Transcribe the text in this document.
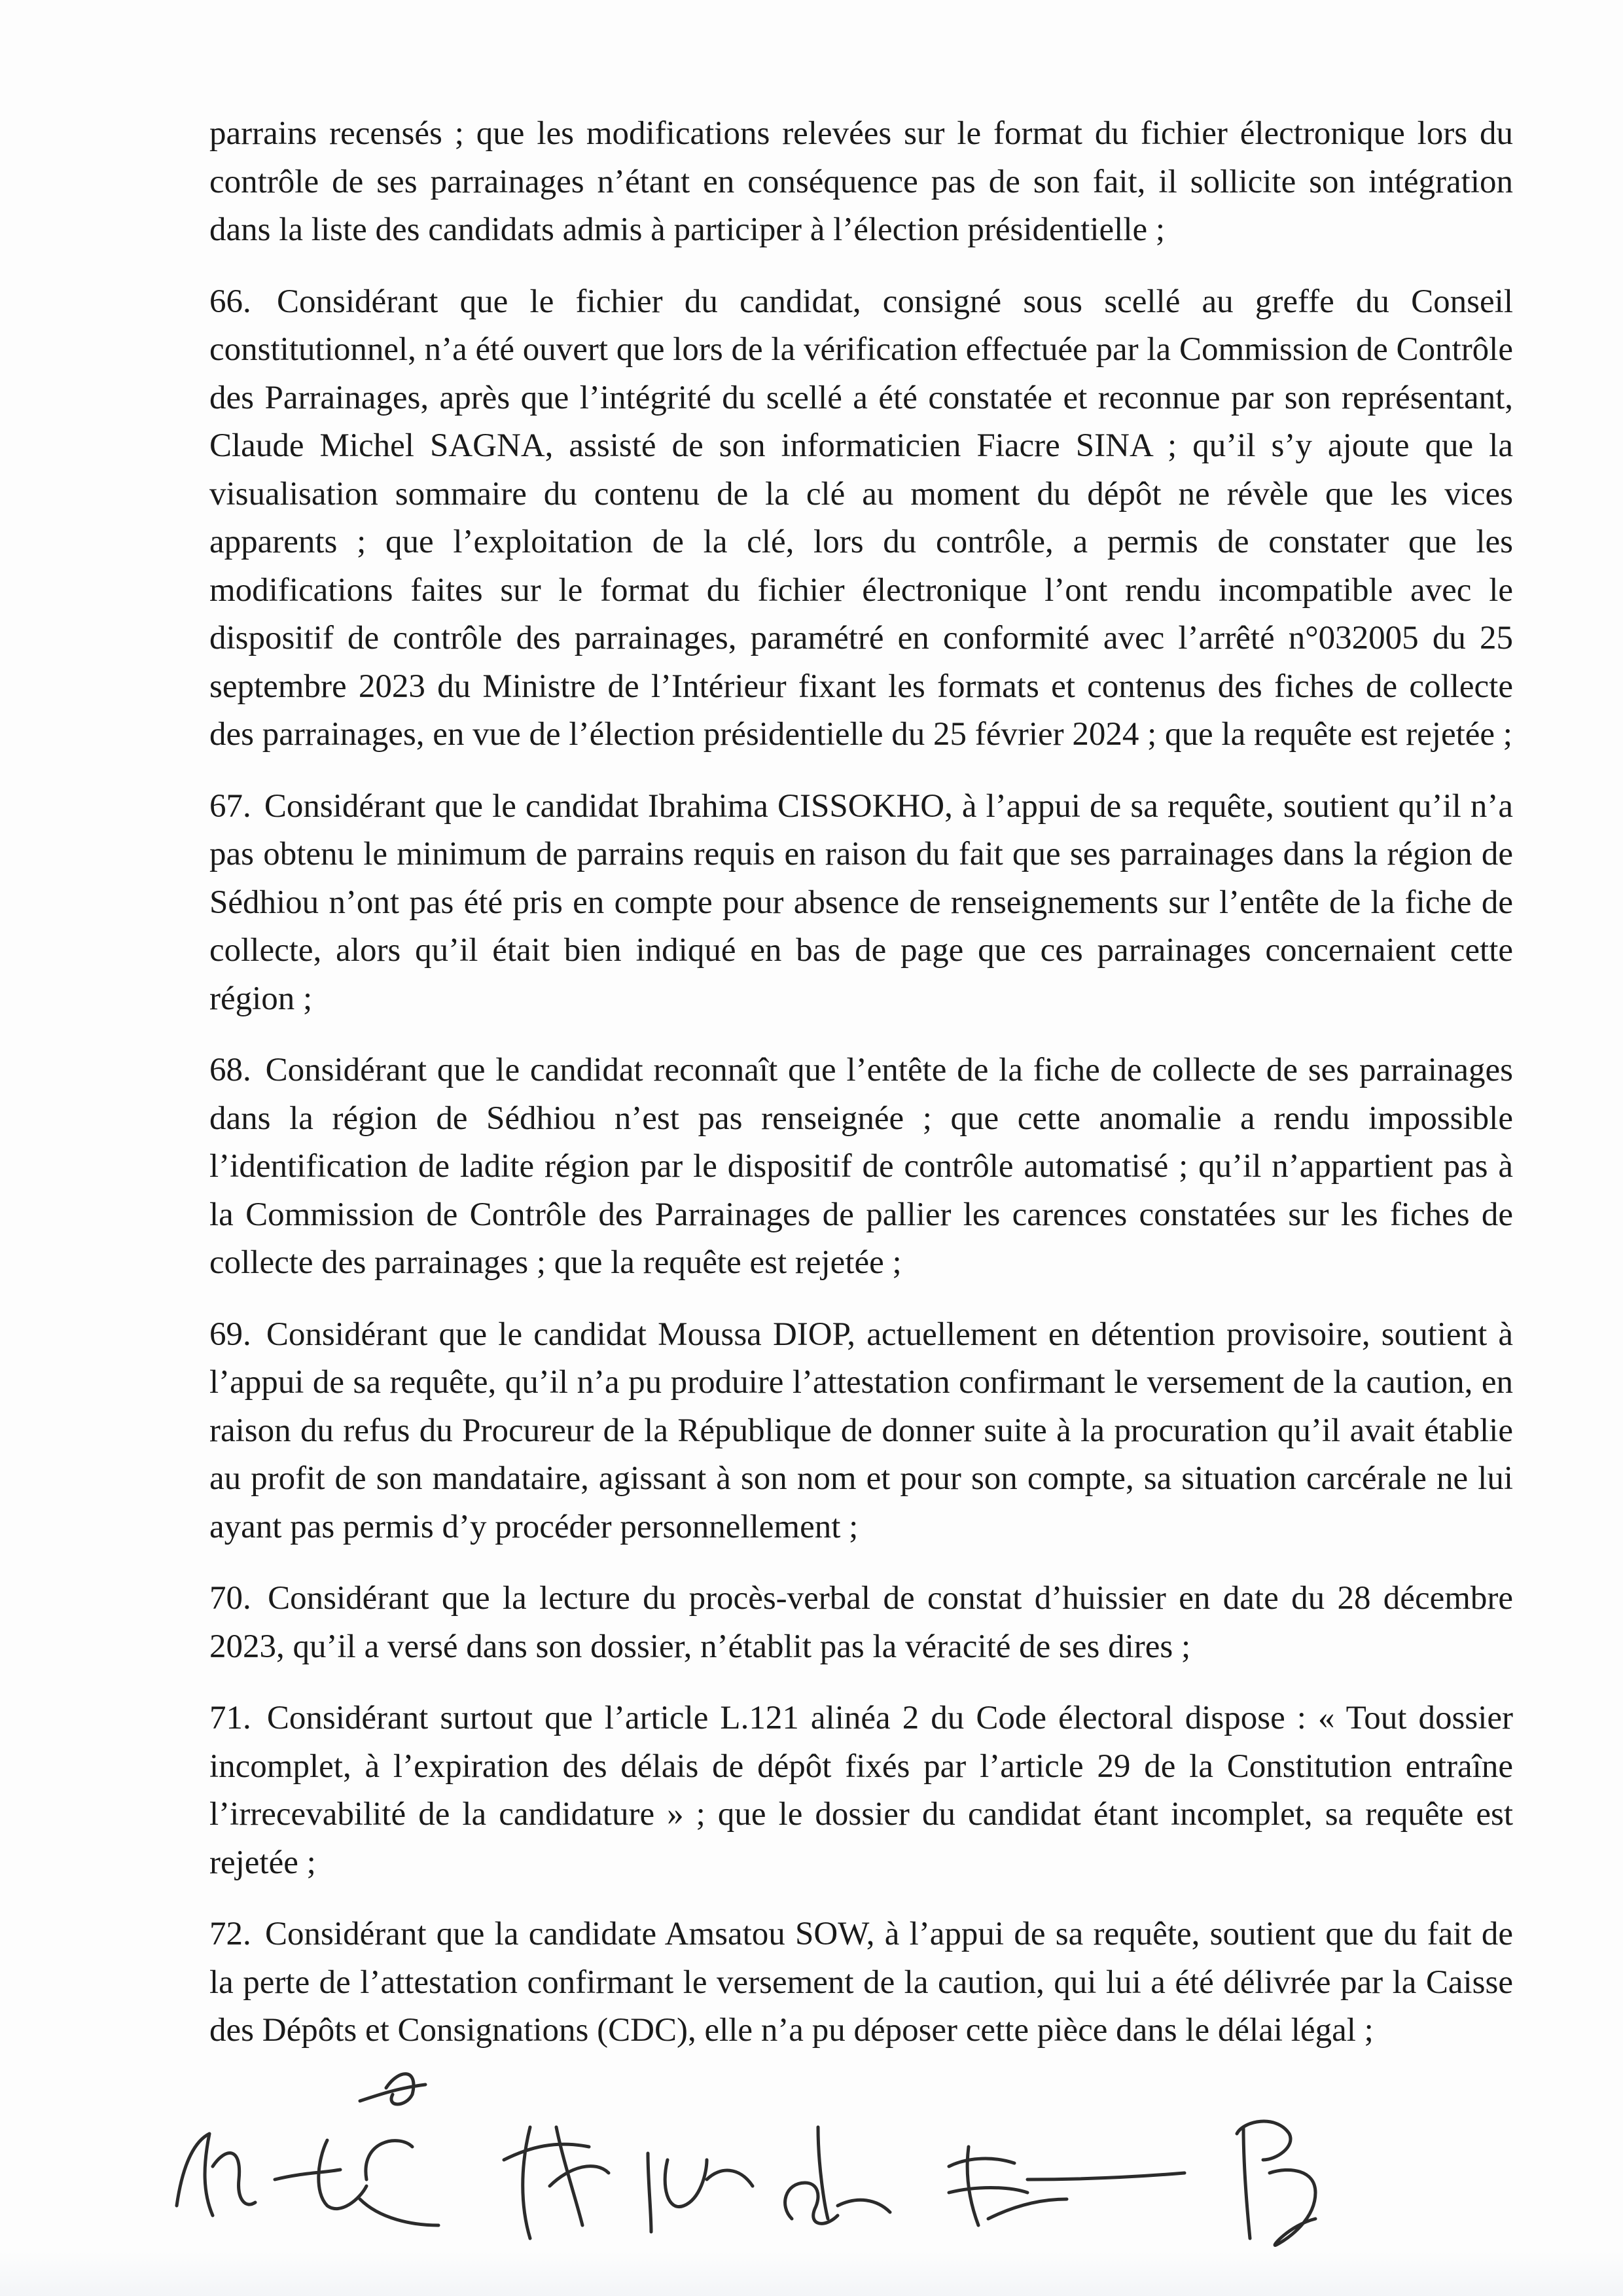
parrains recensés ; que les modifications relevées sur le format du fichier électronique lors du contrôle de ses parrainages n’étant en conséquence pas de son fait, il sollicite son intégration dans la liste des candidats admis à participer à l’élection présidentielle ;

66. Considérant que le fichier du candidat, consigné sous scellé au greffe du Conseil constitutionnel, n’a été ouvert que lors de la vérification effectuée par la Commission de Contrôle des Parrainages, après que l’intégrité du scellé a été constatée et reconnue par son représentant, Claude Michel SAGNA, assisté de son informaticien Fiacre SINA ; qu’il s’y ajoute que la visualisation sommaire du contenu de la clé au moment du dépôt ne révèle que les vices apparents ; que l’exploitation de la clé, lors du contrôle, a permis de constater que les modifications faites sur le format du fichier électronique l’ont rendu incompatible avec le dispositif de contrôle des parrainages, paramétré en conformité avec l’arrêté n°032005 du 25 septembre 2023 du Ministre de l’Intérieur fixant les formats et contenus des fiches de collecte des parrainages, en vue de l’élection présidentielle du 25 février 2024 ; que la requête est rejetée ;

67. Considérant que le candidat Ibrahima CISSOKHO, à l’appui de sa requête, soutient qu’il n’a pas obtenu le minimum de parrains requis en raison du fait que ses parrainages dans la région de Sédhiou n’ont pas été pris en compte pour absence de renseignements sur l’entête de la fiche de collecte, alors qu’il était bien indiqué en bas de page que ces parrainages concernaient cette région ;

68. Considérant que le candidat reconnaît que l’entête de la fiche de collecte de ses parrainages dans la région de Sédhiou n’est pas renseignée ; que cette anomalie a rendu impossible l’identification de ladite région par le dispositif de contrôle automatisé ; qu’il n’appartient pas à la Commission de Contrôle des Parrainages de pallier les carences constatées sur les fiches de collecte des parrainages ; que la requête est rejetée ;

69. Considérant que le candidat Moussa DIOP, actuellement en détention provisoire, soutient à l’appui de sa requête, qu’il n’a pu produire l’attestation confirmant le versement de la caution, en raison du refus du Procureur de la République de donner suite à la procuration qu’il avait établie au profit de son mandataire, agissant à son nom et pour son compte, sa situation carcérale ne lui ayant pas permis d’y procéder personnellement ;

70. Considérant que la lecture du procès-verbal de constat d’huissier en date du 28 décembre 2023, qu’il a versé dans son dossier, n’établit pas la véracité de ses dires ;

71. Considérant surtout que l’article L.121 alinéa 2 du Code électoral dispose : « Tout dossier incomplet, à l’expiration des délais de dépôt fixés par l’article 29 de la Constitution entraîne l’irrecevabilité de la candidature » ; que le dossier du candidat étant incomplet, sa requête est rejetée ;

72. Considérant que la candidate Amsatou SOW, à l’appui de sa requête, soutient que du fait de la perte de l’attestation confirmant le versement de la caution, qui lui a été délivrée par la Caisse des Dépôts et Consignations (CDC), elle n’a pu déposer cette pièce dans le délai légal ;
